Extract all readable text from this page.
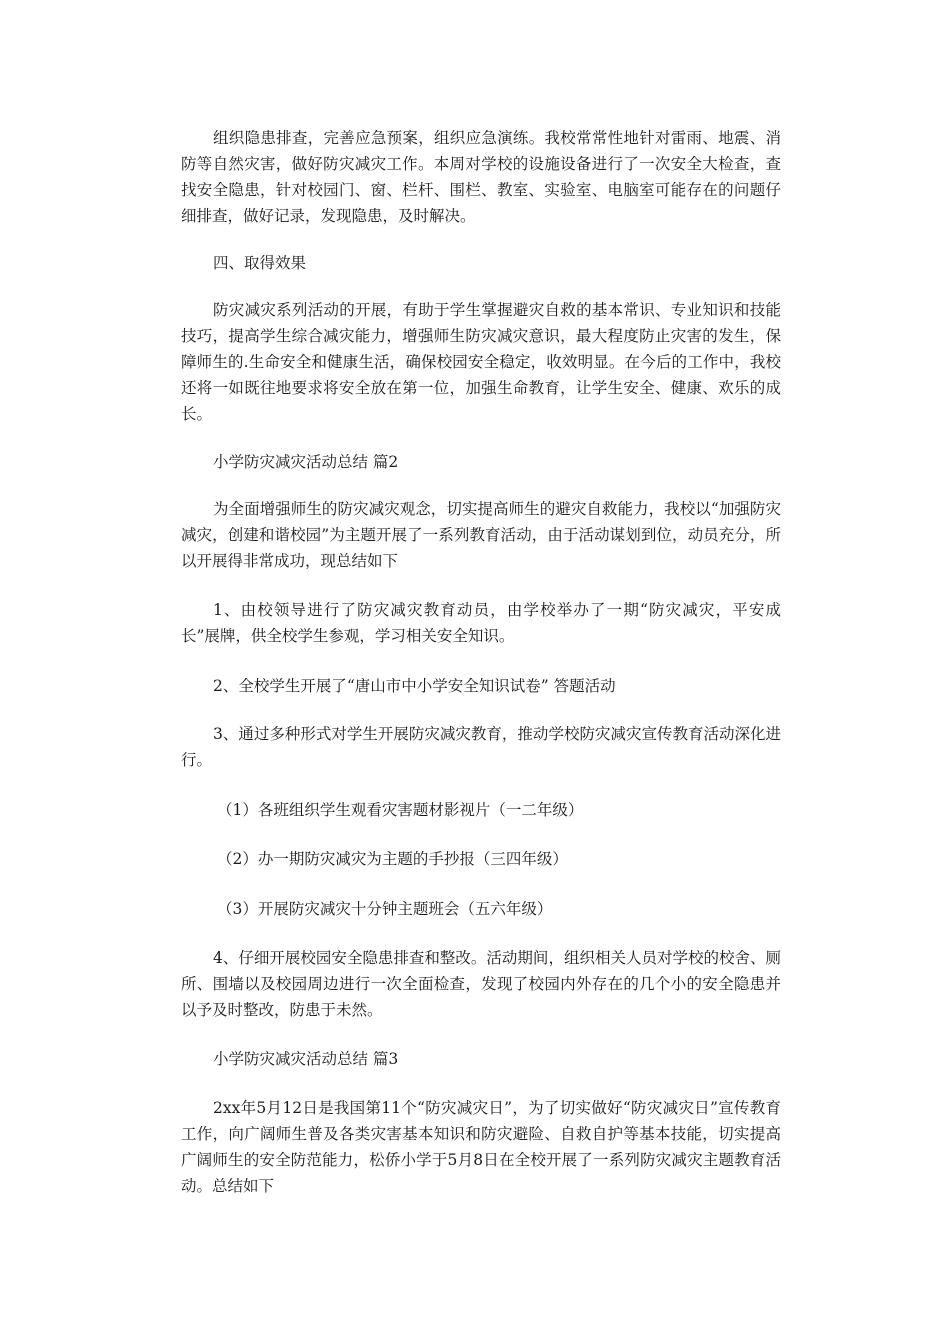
组织隐患排查，完善应急预案，组织应急演练。我校常常性地针对雷雨、地震、消防等自然灾害，做好防灾减灾工作。本周对学校的设施设备进行了一次安全大检查，查找安全隐患，针对校园门、窗、栏杆、围栏、教室、实验室、电脑室可能存在的问题仔细排查，做好记录，发现隐患，及时解决。

四、取得效果

防灾减灾系列活动的开展，有助于学生掌握避灾自救的基本常识、专业知识和技能技巧，提高学生综合减灾能力，增强师生防灾减灾意识，最大程度防止灾害的发生，保障师生的.生命安全和健康生活，确保校园安全稳定，收效明显。在今后的工作中，我校还将一如既往地要求将安全放在第一位，加强生命教育，让学生安全、健康、欢乐的成长。

小学防灾减灾活动总结 篇2

为全面增强师生的防灾减灾观念，切实提高师生的避灾自救能力，我校以“加强防灾减灾，创建和谐校园”为主题开展了一系列教育活动，由于活动谋划到位，动员充分，所以开展得非常成功，现总结如下

1、由校领导进行了防灾减灾教育动员，由学校举办了一期“防灾减灾，平安成长”展牌，供全校学生参观，学习相关安全知识。

2、全校学生开展了“唐山市中小学安全知识试卷” 答题活动

3、通过多种形式对学生开展防灾减灾教育，推动学校防灾减灾宣传教育活动深化进行。

（1）各班组织学生观看灾害题材影视片（一二年级）

（2）办一期防灾减灾为主题的手抄报（三四年级）

（3）开展防灾减灾十分钟主题班会（五六年级）

4、仔细开展校园安全隐患排查和整改。活动期间，组织相关人员对学校的校舍、厕所、围墙以及校园周边进行一次全面检查，发现了校园内外存在的几个小的安全隐患并以予及时整改，防患于未然。

小学防灾减灾活动总结 篇3

2xx年5月12日是我国第11个“防灾减灾日”，为了切实做好“防灾减灾日”宣传教育工作，向广阔师生普及各类灾害基本知识和防灾避险、自救自护等基本技能，切实提高广阔师生的安全防范能力，松侨小学于5月8日在全校开展了一系列防灾减灾主题教育活动。总结如下
